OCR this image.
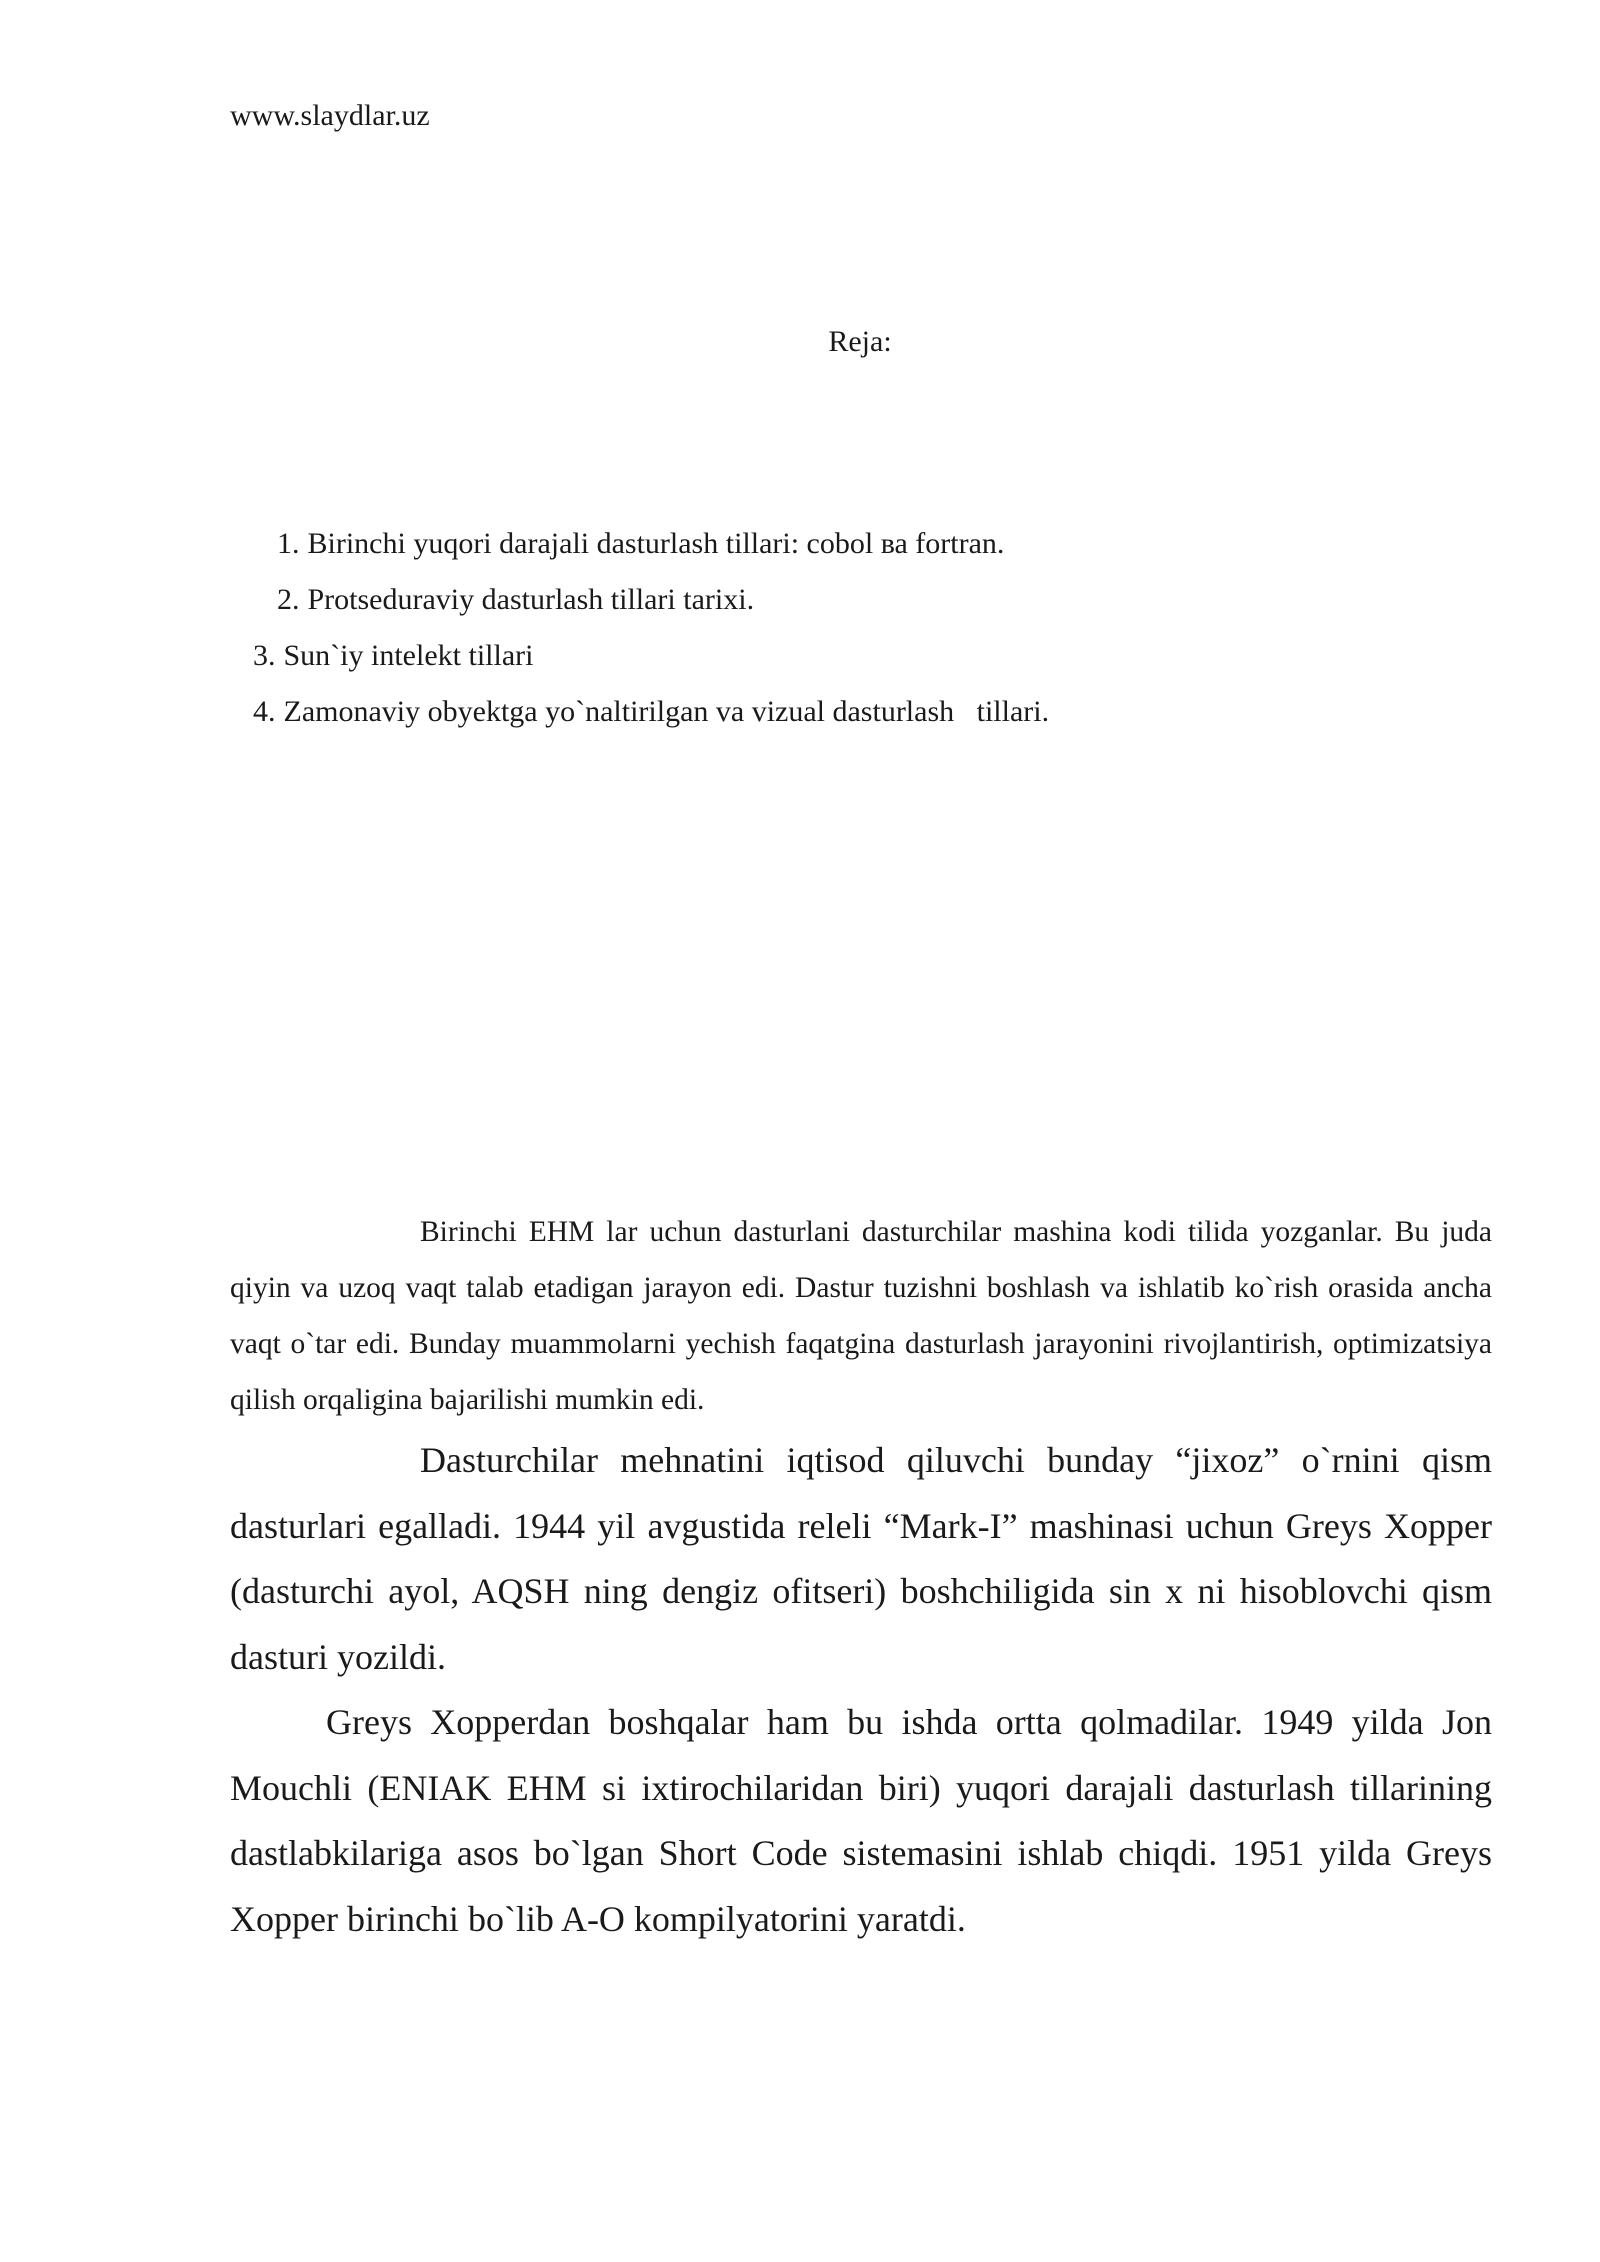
www.slaydlar.uz
Reja:
1. Birinchi yuqori darajali dasturlash tillari: cobol ва fortran.
2. Protseduraviy dasturlash tillari tarixi.
3. Sun`iy intelekt tillari
4. Zamonaviy obyektga yo`naltirilgan va vizual dasturlash   tillari.

Birinchi EHM lar uchun dasturlani dasturchilar mashina kodi tilida yozganlar. Bu juda qiyin va uzoq vaqt talab etadigan jarayon edi. Dastur tuzishni boshlash va ishlatib ko`rish orasida ancha vaqt o`tar edi. Bunday muammolarni yechish faqatgina dasturlash jarayonini rivojlantirish, optimizatsiya qilish orqaligina bajarilishi mumkin edi.

Dasturchilar mehnatini iqtisod qiluvchi bunday “jixoz” o`rnini qism dasturlari egalladi. 1944 yil avgustida releli “Mark-I” mashinasi uchun Greys Xopper (dasturchi ayol, AQSH ning dengiz ofitseri) boshchiligida sin x ni hisoblovchi qism dasturi yozildi.

Greys Xopperdan boshqalar ham bu ishda ortta qolmadilar. 1949 yilda Jon Mouchli (ENIAK EHM si ixtirochilaridan biri) yuqori darajali dasturlash tillarining dastlabkilariga asos bo`lgan Short Code sistemasini ishlab chiqdi. 1951 yilda Greys Xopper birinchi bo`lib A-O kompilyatorini yaratdi.
